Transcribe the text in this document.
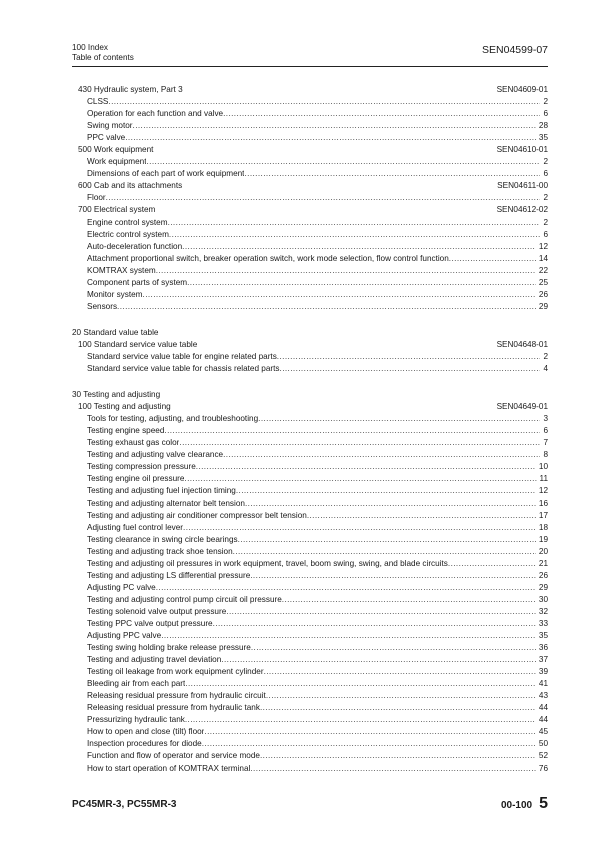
100 Index
Table of contents
SEN04599-07
430 Hydraulic system, Part 3	SEN04609-01
CLSS .....	2
Operation for each function and valve .....	6
Swing motor .....	28
PPC valve .....	35
500 Work equipment	SEN04610-01
Work equipment .....	2
Dimensions of each part of work equipment .....	6
600 Cab and its attachments	SEN04611-00
Floor .....	2
700 Electrical system	SEN04612-02
Engine control system .....	2
Electric control system .....	6
Auto-deceleration function .....	12
Attachment proportional switch, breaker operation switch, work mode selection, flow control function .....	14
KOMTRAX system .....	22
Component parts of system .....	25
Monitor system .....	26
Sensors .....	29
20 Standard value table
100 Standard service value table	SEN04648-01
Standard service value table for engine related parts .....	2
Standard service value table for chassis related parts .....	4
30 Testing and adjusting
100 Testing and adjusting	SEN04649-01
Tools for testing, adjusting, and troubleshooting .....	3
Testing engine speed .....	6
Testing exhaust gas color .....	7
Testing and adjusting valve clearance .....	8
Testing compression pressure .....	10
Testing engine oil pressure .....	11
Testing and adjusting fuel injection timing .....	12
Testing and adjusting alternator belt tension .....	16
Testing and adjusting air conditioner compressor belt tension .....	17
Adjusting fuel control lever .....	18
Testing clearance in swing circle bearings .....	19
Testing and adjusting track shoe tension .....	20
Testing and adjusting oil pressures in work equipment, travel, boom swing, swing, and blade circuits .....	21
Testing and adjusting LS differential pressure .....	26
Adjusting PC valve .....	29
Testing and adjusting control pump circuit oil pressure .....	30
Testing solenoid valve output pressure .....	32
Testing PPC valve output pressure .....	33
Adjusting PPC valve .....	35
Testing swing holding brake release pressure .....	36
Testing and adjusting travel deviation .....	37
Testing oil leakage from work equipment cylinder .....	39
Bleeding air from each part .....	41
Releasing residual pressure from hydraulic circuit .....	43
Releasing residual pressure from hydraulic tank .....	44
Pressurizing hydraulic tank .....	44
How to open and close (tilt) floor .....	45
Inspection procedures for diode .....	50
Function and flow of operator and service mode .....	52
How to start operation of KOMTRAX terminal .....	76
PC45MR-3, PC55MR-3	00-100 5
